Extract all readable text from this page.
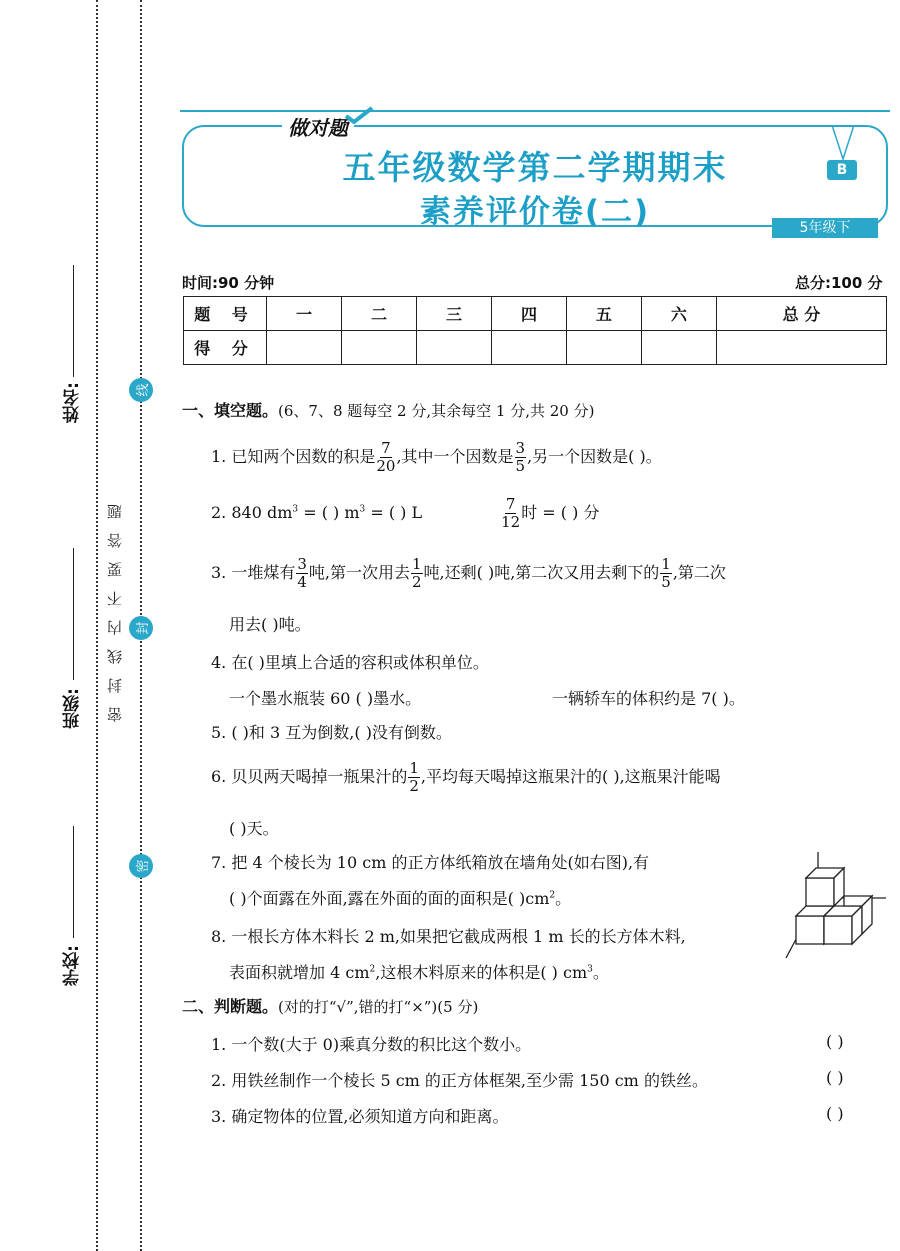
姓名:
班级:
学校:
密封线内不要答题
线
封
密
做对题
五年级数学第二学期期末
素养评价卷(二)
B
5年级下
时间:90 分钟	总分:100 分
题 号	一	二	三	四	五	六	总 分
得 分							
一、填空题。(6、7、8 题每空 2 分,其余每空 1 分,共 20 分)
1. 已知两个因数的积是 $\frac{7}{20}$ ,其中一个因数是 $\frac{3}{5}$ ,另一个因数是( )。
2. 840 $dm^3$ = ( ) $m^3$ = ( ) L	$\frac{7}{12}$ 时 = ( ) 分
3. 一堆煤有 $\frac{3}{4}$ 吨,第一次用去 $\frac{1}{2}$ 吨,还剩( )吨,第二次又用去剩下的 $\frac{1}{5}$ ,第二次
用去( )吨。
4. 在( )里填上合适的容积或体积单位。
一个墨水瓶装 60 ( )墨水。	一辆轿车的体积约是 7( )。
5. ( )和 3 互为倒数,( )没有倒数。
6. 贝贝两天喝掉一瓶果汁的 $\frac{1}{2}$ ,平均每天喝掉这瓶果汁的( ),这瓶果汁能喝
( )天。
7. 把 4 个棱长为 10 cm 的正方体纸箱放在墙角处(如右图),有
( )个面露在外面,露在外面的面的面积是( )$cm^2$。
8. 一根长方体木料长 2 m,如果把它截成两根 1 m 长的长方体木料,
表面积就增加 4 $cm^2$,这根木料原来的体积是( ) $cm^3$。
二、判断题。(对的打“√”,错的打“×”)(5 分)
1. 一个数(大于 0)乘真分数的积比这个数小。	( )
2. 用铁丝制作一个棱长 5 cm 的正方体框架,至少需 150 cm 的铁丝。	( )
3. 确定物体的位置,必须知道方向和距离。	( )
